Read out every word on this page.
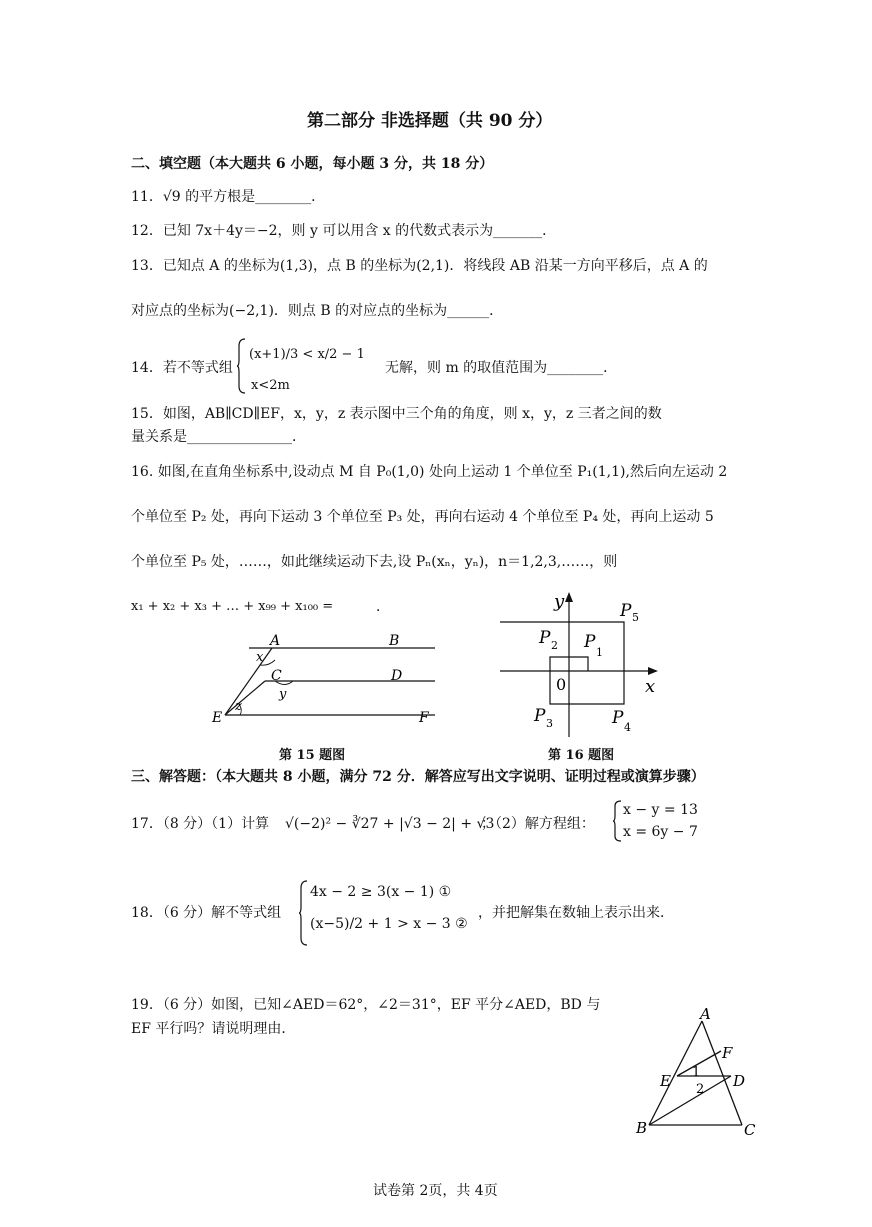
第二部分 非选择题（共 90 分）
二、填空题（本大题共 6 小题，每小题 3 分，共 18 分）
11．√9 的平方根是________．
12．已知 7x＋4y＝−2，则 y 可以用含 x 的代数式表示为_______．
13．已知点 A 的坐标为(1,3)，点 B 的坐标为(2,1)．将线段 AB 沿某一方向平移后，点 A 的
对应点的坐标为(−2,1)．则点 B 的对应点的坐标为______．
14．若不等式组
(x+1)/3 < x/2 − 1
x<2m
无解，则 m 的取值范围为________．
15．如图，AB∥CD∥EF，x，y，z 表示图中三个角的角度，则 x，y，z 三者之间的数
量关系是_______________．
16. 如图,在直角坐标系中,设动点 M 自 P₀(1,0) 处向上运动 1 个单位至 P₁(1,1),然后向左运动 2
个单位至 P₂ 处，再向下运动 3 个单位至 P₃ 处，再向右运动 4 个单位至 P₄ 处，再向上运动 5
个单位至 P₅ 处，……，如此继续运动下去,设 Pₙ(xₙ，yₙ)，n＝1,2,3,……，则
x₁ + x₂ + x₃ + … + x₉₉ + x₁₀₀ =	．
A	B
C	D
E	F
x
y
z
第 15 题图
y
x
0
P 5
P 2 P
1
P 3	P 4
第 16 题图
三、解答题：（本大题共 8 小题，满分 72 分．解答应写出文字说明、证明过程或演算步骤）
17．（8 分）（1）计算 √(−2)² − ∛27 + |√3 − 2| + √3
；（2）解方程组：
x − y = 13
x = 6y − 7
18．（6 分）解不等式组
4x − 2 ≥ 3(x − 1) ①
(x−5)/2 + 1 > x − 3 ②
，并把解集在数轴上表示出来．
19．（6 分）如图，已知∠AED＝62°，∠2＝31°，EF 平分∠AED，BD 与
EF 平行吗？请说明理由．
A
F
E	D
B	C
1
2
试卷第 2页，共 4页
